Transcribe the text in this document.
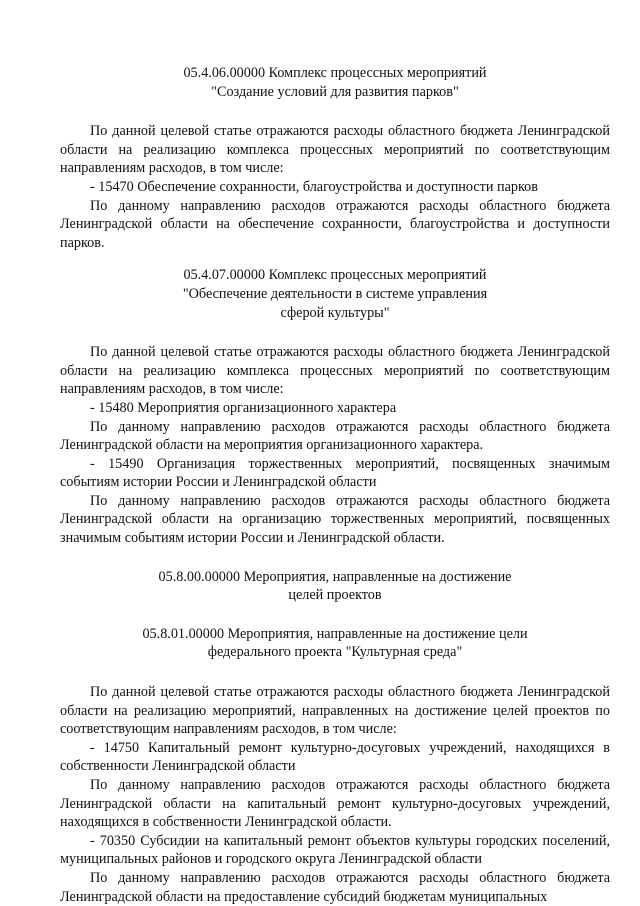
05.4.06.00000 Комплекс процессных мероприятий
"Создание условий для развития парков"

По данной целевой статье отражаются расходы областного бюджета Ленинградской области на реализацию комплекса процессных мероприятий по соответствующим направлениям расходов, в том числе:

- 15470 Обеспечение сохранности, благоустройства и доступности парков

По данному направлению расходов отражаются расходы областного бюджета Ленинградской области на обеспечение сохранности, благоустройства и доступности парков.

05.4.07.00000 Комплекс процессных мероприятий
"Обеспечение деятельности в системе управления
сферой культуры"

По данной целевой статье отражаются расходы областного бюджета Ленинградской области на реализацию комплекса процессных мероприятий по соответствующим направлениям расходов, в том числе:

- 15480 Мероприятия организационного характера

По данному направлению расходов отражаются расходы областного бюджета Ленинградской области на мероприятия организационного характера.

- 15490 Организация торжественных мероприятий, посвященных значимым событиям истории России и Ленинградской области

По данному направлению расходов отражаются расходы областного бюджета Ленинградской области на организацию торжественных мероприятий, посвященных значимым событиям истории России и Ленинградской области.

05.8.00.00000 Мероприятия, направленные на достижение
целей проектов
05.8.01.00000 Мероприятия, направленные на достижение цели
федерального проекта "Культурная среда"

По данной целевой статье отражаются расходы областного бюджета Ленинградской области на реализацию мероприятий, направленных на достижение целей проектов по соответствующим направлениям расходов, в том числе:

- 14750 Капитальный ремонт культурно-досуговых учреждений, находящихся в собственности Ленинградской области

По данному направлению расходов отражаются расходы областного бюджета Ленинградской области на капитальный ремонт культурно-досуговых учреждений, находящихся в собственности Ленинградской области.

- 70350 Субсидии на капитальный ремонт объектов культуры городских поселений, муниципальных районов и городского округа Ленинградской области

По данному направлению расходов отражаются расходы областного бюджета Ленинградской области на предоставление субсидий бюджетам муниципальных
